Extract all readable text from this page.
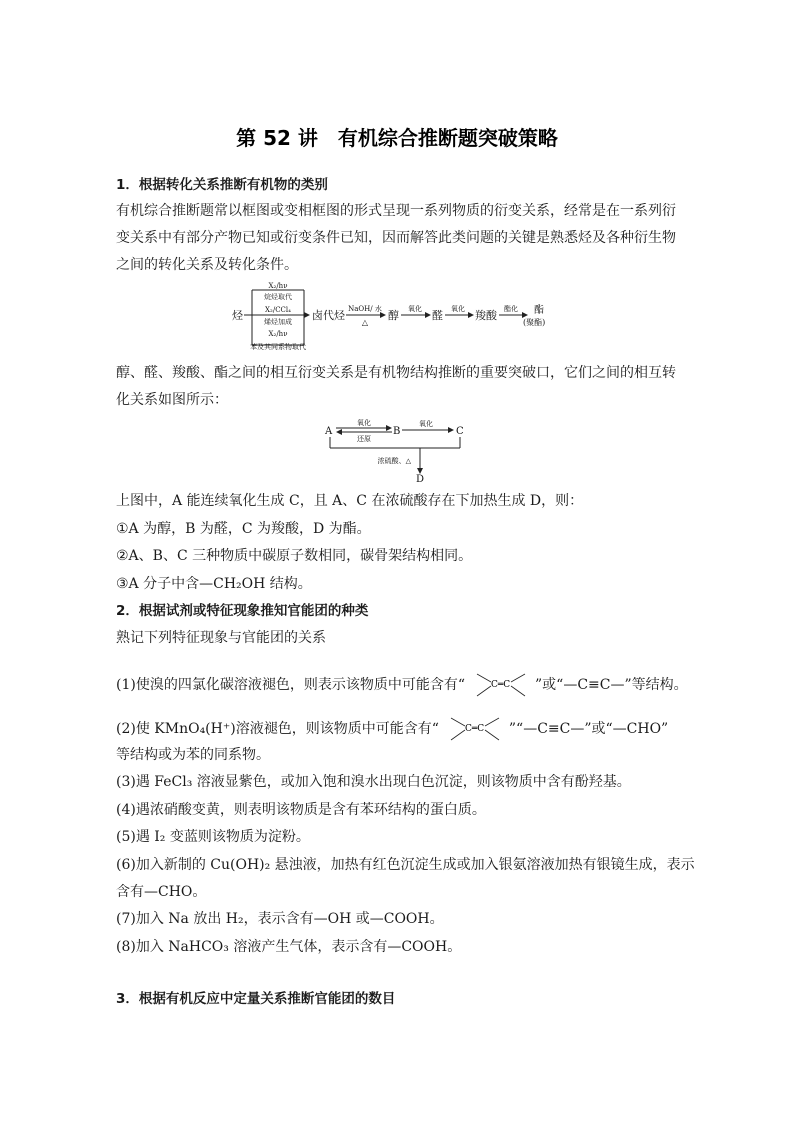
第 52 讲　有机综合推断题突破策略
1．根据转化关系推断有机物的类别
有机综合推断题常以框图或变相框图的形式呈现一系列物质的衍变关系，经常是在一系列衍
变关系中有部分产物已知或衍变条件已知，因而解答此类问题的关键是熟悉烃及各种衍生物
之间的转化关系及转化条件。
X₂/hν
烷烃取代
X₂/CCl₄
烯烃加成
X₂/hν
苯及其同系物取代
烃	卤代烃 NaOH/ 水
△
醇 氧化 醛 氧化 羧酸 酯化 酯
(聚酯)
醇、醛、羧酸、酯之间的相互衍变关系是有机物结构推断的重要突破口，它们之间的相互转
化关系如图所示：
A	B	C
D
氧化
还原
氧化
浓硫酸、△
上图中，A 能连续氧化生成 C，且 A、C 在浓硫酸存在下加热生成 D，则：
①A 为醇，B 为醛，C 为羧酸，D 为酯。
②A、B、C 三种物质中碳原子数相同，碳骨架结构相同。
③A 分子中含—CH₂OH 结构。
2．根据试剂或特征现象推知官能团的种类
熟记下列特征现象与官能团的关系
(1)使溴的四氯化碳溶液褪色，则表示该物质中可能含有“	C═C ”或“—C≡C—”等结构。
(2)使 KMnO₄(H⁺)溶液褪色，则该物质中可能含有“	C═C ”“—C≡C—”或“—CHO”
等结构或为苯的同系物。
(3)遇 FeCl₃ 溶液显紫色，或加入饱和溴水出现白色沉淀，则该物质中含有酚羟基。
(4)遇浓硝酸变黄，则表明该物质是含有苯环结构的蛋白质。
(5)遇 I₂ 变蓝则该物质为淀粉。
(6)加入新制的 Cu(OH)₂ 悬浊液，加热有红色沉淀生成或加入银氨溶液加热有银镜生成，表示
含有—CHO。
(7)加入 Na 放出 H₂，表示含有—OH 或—COOH。
(8)加入 NaHCO₃ 溶液产生气体，表示含有—COOH。
3．根据有机反应中定量关系推断官能团的数目
